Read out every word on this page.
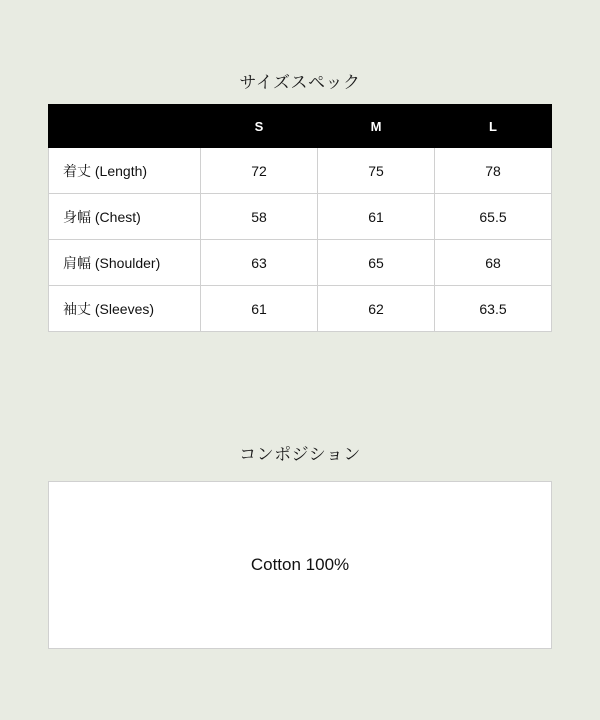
サイズスペック
	S	M	L
着丈 (Length)	72	75	78
身幅 (Chest)	58	61	65.5
肩幅 (Shoulder)	63	65	68
袖丈 (Sleeves)	61	62	63.5
コンポジション
Cotton 100%
